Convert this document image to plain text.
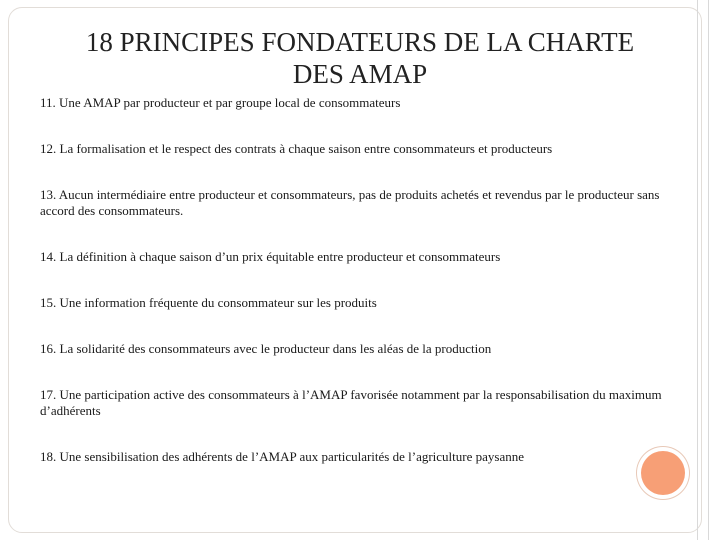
18 PRINCIPES FONDATEURS DE LA CHARTE
DES AMAP
11. Une AMAP par producteur et par groupe local de consommateurs
12. La formalisation et le respect des contrats à chaque saison entre consommateurs et producteurs
13. Aucun intermédiaire entre producteur et consommateurs, pas de produits achetés et revendus par le producteur sans accord des consommateurs.
14. La définition à chaque saison d’un prix équitable entre producteur et consommateurs
15. Une information fréquente du consommateur sur les produits
16. La solidarité des consommateurs avec le producteur dans les aléas de la production
17. Une participation active des consommateurs à l’AMAP favorisée notamment par la responsabilisation du maximum d’adhérents
18. Une sensibilisation des adhérents de l’AMAP aux particularités de l’agriculture paysanne
